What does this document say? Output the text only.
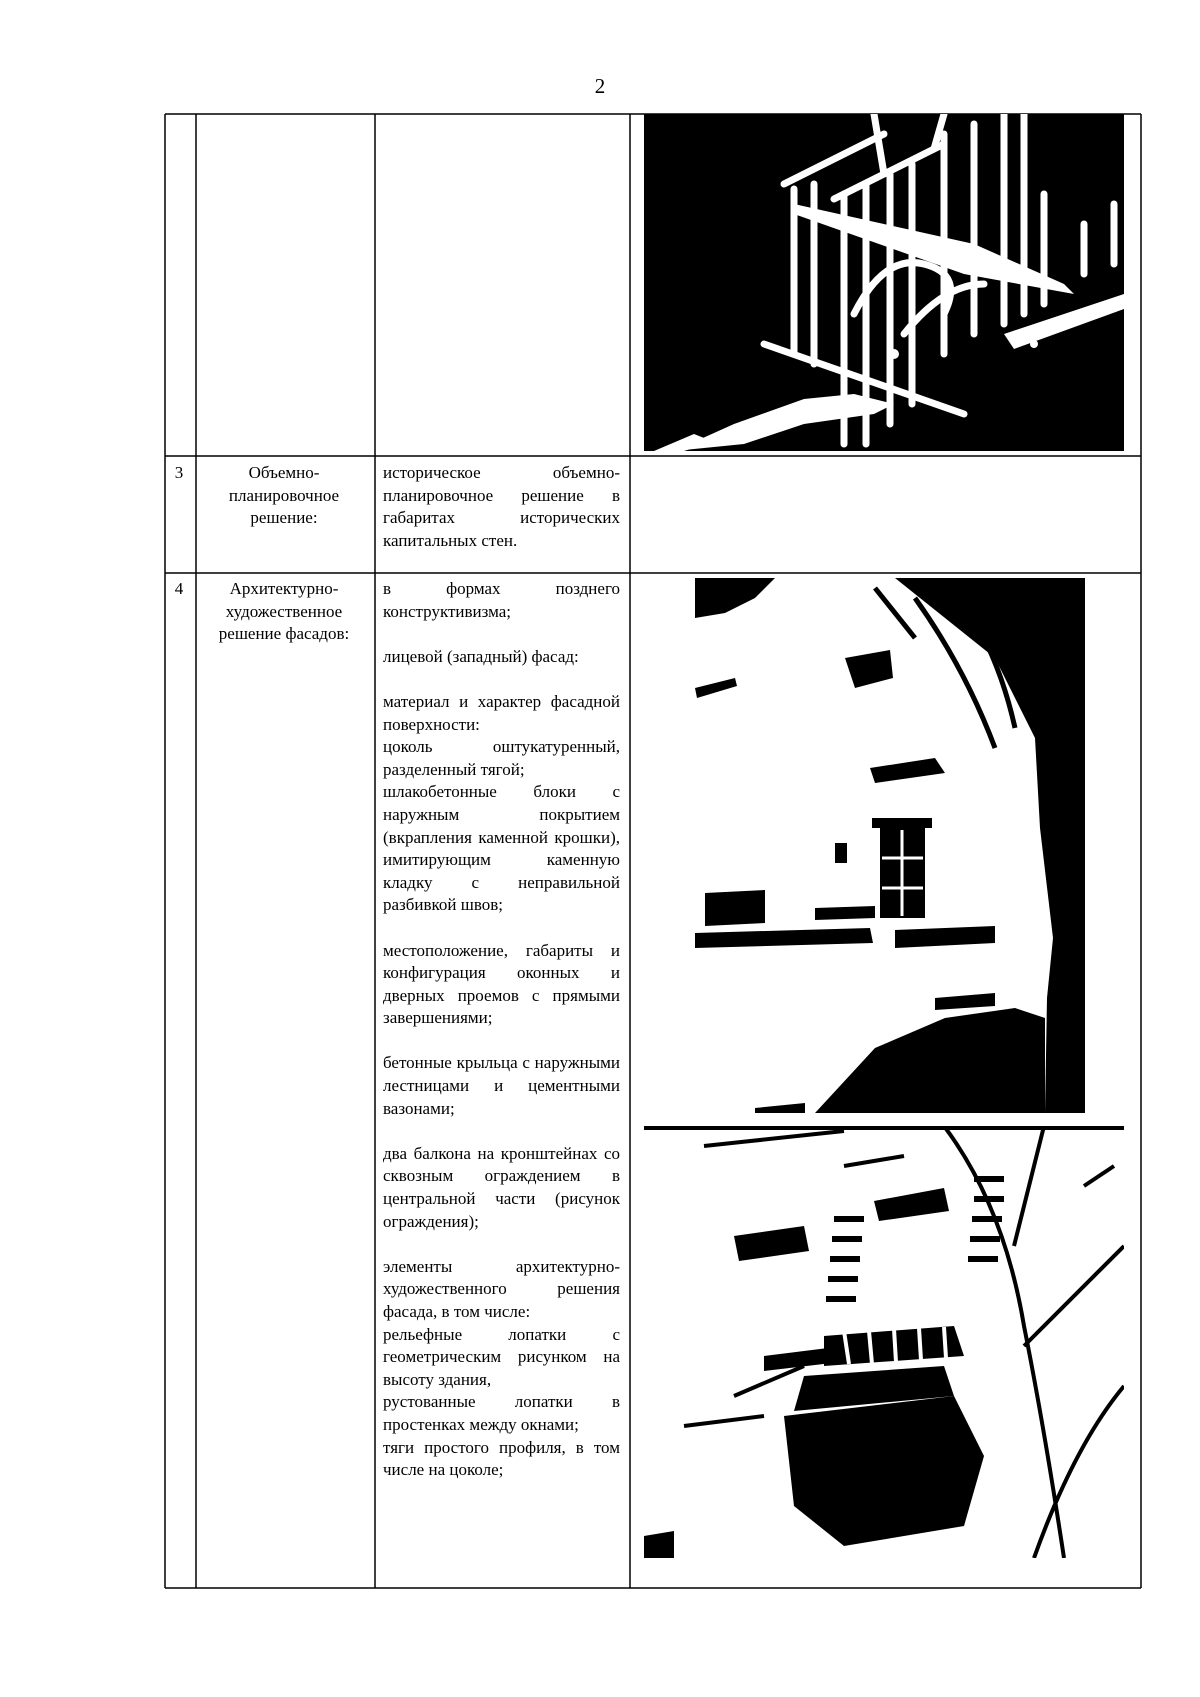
2
3	Объемно-планировочное решение:

историческое объемно-планировочное решение в габаритах исторических капитальных стен.

4	Архитектурно-художественное решение фасадов:

в формах позднего конструктивизма;

лицевой (западный) фасад:

материал и характер фасадной поверхности:
цоколь оштукатуренный, разделенный тягой;
шлакобетонные блоки с наружным покрытием (вкрапления каменной крошки), имитирующим каменную кладку с неправильной разбивкой швов;

местоположение, габариты и конфигурация оконных и дверных проемов с прямыми завершениями;

бетонные крыльца с наружными лестницами и цементными вазонами;

два балкона на кронштейнах со сквозным ограждением в центральной части (рисунок ограждения);

элементы архитектурно-художественного решения фасада, в том числе:
рельефные лопатки с геометрическим рисунком на высоту здания,
рустованные лопатки в простенках между окнами;
тяги простого профиля, в том числе на цоколе;
